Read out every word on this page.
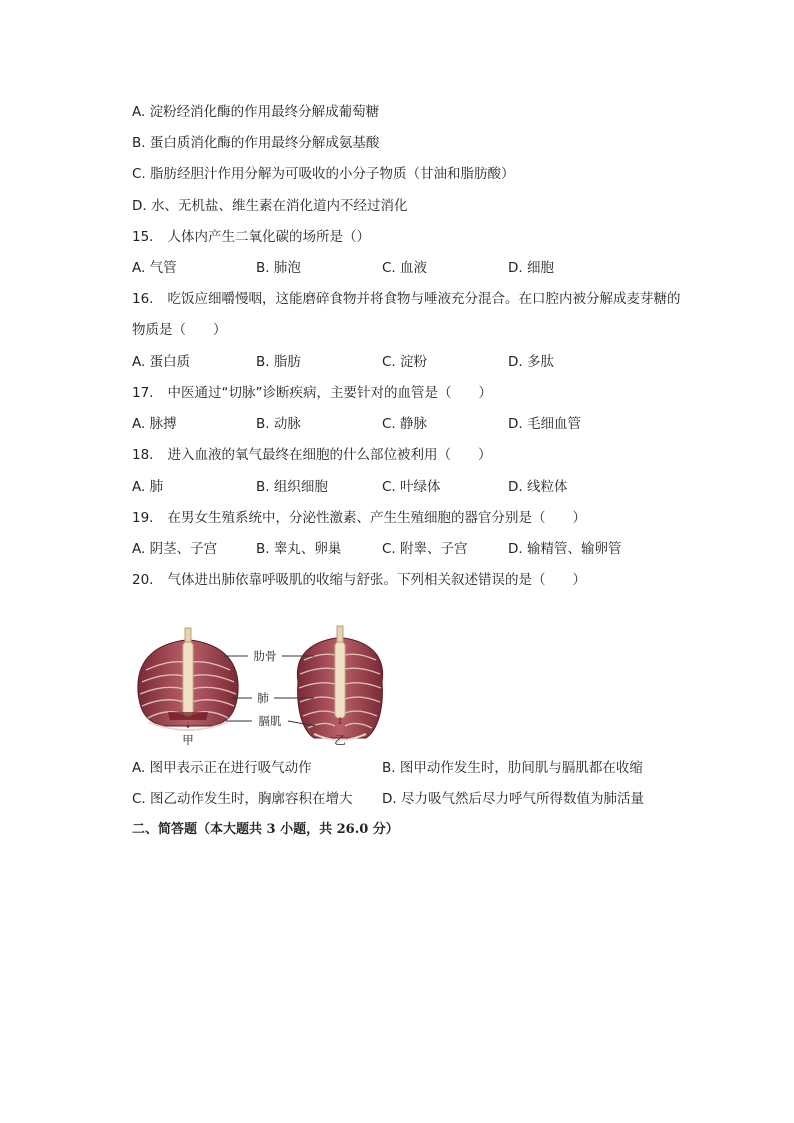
A. 淀粉经消化酶的作用最终分解成葡萄糖
B. 蛋白质消化酶的作用最终分解成氨基酸
C. 脂肪经胆汁作用分解为可吸收的小分子物质（甘油和脂肪酸）
D. 水、无机盐、维生素在消化道内不经过消化
15. 人体内产生二氧化碳的场所是（）
A. 气管	B. 肺泡	C. 血液	D. 细胞
16. 吃饭应细嚼慢咽，这能磨碎食物并将食物与唾液充分混合。在口腔内被分解成麦芽糖的
物质是（　　）
A. 蛋白质	B. 脂肪	C. 淀粉	D. 多肽
17. 中医通过“切脉”诊断疾病，主要针对的血管是（　　）
A. 脉搏	B. 动脉	C. 静脉	D. 毛细血管
18. 进入血液的氧气最终在细胞的什么部位被利用（　　）
A. 肺	B. 组织细胞	C. 叶绿体	D. 线粒体
19. 在男女生殖系统中，分泌性激素、产生生殖细胞的器官分别是（　　）
A. 阴茎、子宫	B. 睾丸、卵巢	C. 附睾、子宫	D. 输精管、输卵管
20. 气体进出肺依靠呼吸肌的收缩与舒张。下列相关叙述错误的是（　　）
↓
甲
⇕
乙
肋骨
肺
膈肌
A. 图甲表示正在进行吸气动作	B. 图甲动作发生时，肋间肌与膈肌都在收缩
C. 图乙动作发生时，胸廓容积在增大 D. 尽力吸气然后尽力呼气所得数值为肺活量
二、简答题（本大题共 3 小题，共 26.0 分）
